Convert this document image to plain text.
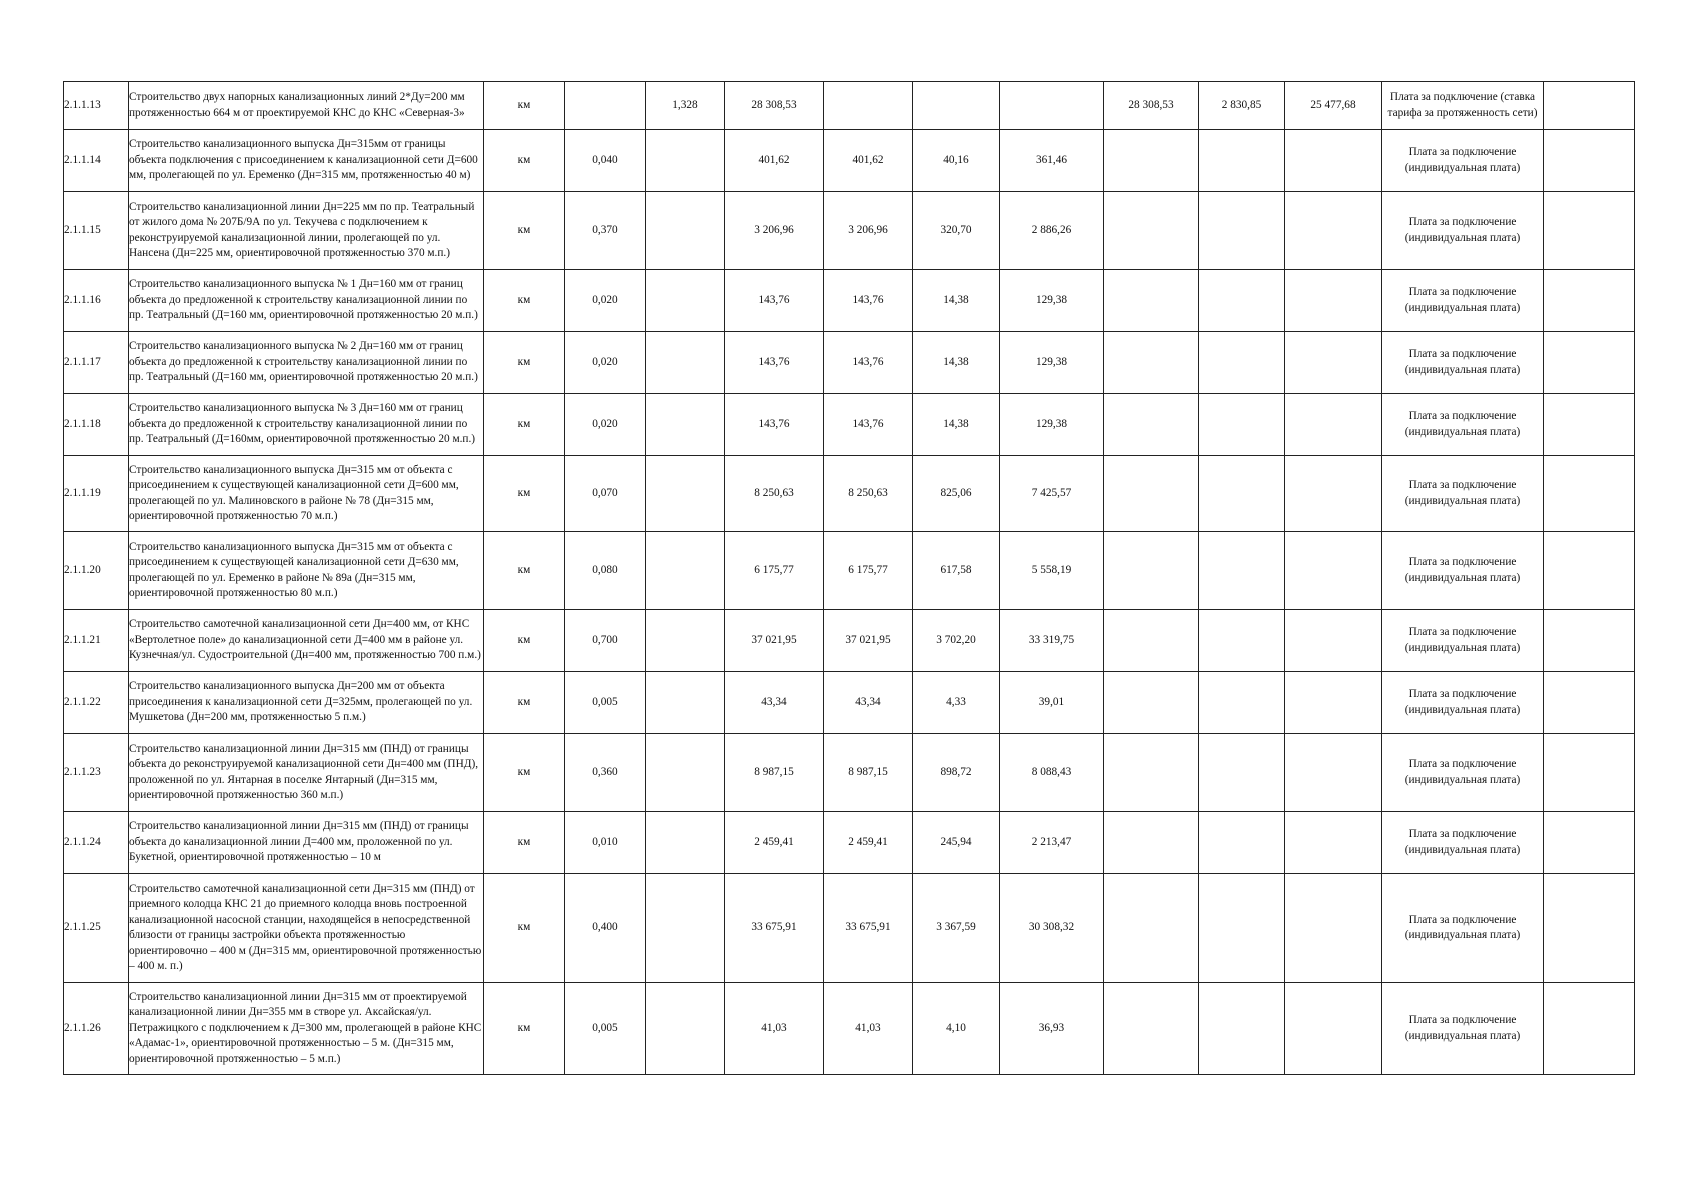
2.1.1.13	Строительство двух напорных канализационных линий 2*Ду=200 мм протяженностью 664 м от проектируемой КНС до КНС «Северная-3»	км		1,328	28 308,53				28 308,53	2 830,85	25 477,68	Плата за подключение (ставка тарифа за протяженность сети)	
2.1.1.14	Строительство канализационного выпуска Дн=315мм от границы объекта подключения с присоединением к канализационной сети Д=600 мм, пролегающей по ул. Еременко (Дн=315 мм, протяженностью 40 м)	км	0,040		401,62	401,62	40,16	361,46				Плата за подключение (индивидуальная плата)	
2.1.1.15	Строительство канализационной линии Дн=225 мм по пр. Театральный от жилого дома № 207Б/9А по ул. Текучева с подключением к реконструируемой канализационной линии, пролегающей по ул. Нансена (Дн=225 мм, ориентировочной протяженностью 370 м.п.)	км	0,370		3 206,96	3 206,96	320,70	2 886,26				Плата за подключение (индивидуальная плата)	
2.1.1.16	Строительство канализационного выпуска № 1 Дн=160 мм от границ объекта до предложенной к строительству канализационной линии по пр. Театральный (Д=160 мм, ориентировочной протяженностью 20 м.п.)	км	0,020		143,76	143,76	14,38	129,38				Плата за подключение (индивидуальная плата)	
2.1.1.17	Строительство канализационного выпуска № 2 Дн=160 мм от границ объекта до предложенной к строительству канализационной линии по пр. Театральный (Д=160 мм, ориентировочной протяженностью 20 м.п.)	км	0,020		143,76	143,76	14,38	129,38				Плата за подключение (индивидуальная плата)	
2.1.1.18	Строительство канализационного выпуска № 3 Дн=160 мм от границ объекта до предложенной к строительству канализационной линии по пр. Театральный (Д=160мм, ориентировочной протяженностью 20 м.п.)	км	0,020		143,76	143,76	14,38	129,38				Плата за подключение (индивидуальная плата)	
2.1.1.19	Строительство канализационного выпуска Дн=315 мм от объекта с присоединением к существующей канализационной сети Д=600 мм, пролегающей по ул. Малиновского в районе № 78 (Дн=315 мм, ориентировочной протяженностью 70 м.п.)	км	0,070		8 250,63	8 250,63	825,06	7 425,57				Плата за подключение (индивидуальная плата)	
2.1.1.20	Строительство канализационного выпуска Дн=315 мм от объекта с присоединением к существующей канализационной сети Д=630 мм, пролегающей по ул. Еременко в районе № 89а (Дн=315 мм, ориентировочной протяженностью 80 м.п.)	км	0,080		6 175,77	6 175,77	617,58	5 558,19				Плата за подключение (индивидуальная плата)	
2.1.1.21	Строительство самотечной канализационной сети Дн=400 мм, от КНС «Вертолетное поле» до канализационной сети Д=400 мм в районе ул. Кузнечная/ул. Судостроительной (Дн=400 мм, протяженностью 700 п.м.)	км	0,700		37 021,95	37 021,95	3 702,20	33 319,75				Плата за подключение (индивидуальная плата)	
2.1.1.22	Строительство канализационного выпуска Дн=200 мм от объекта присоединения к канализационной сети Д=325мм, пролегающей по ул. Мушкетова (Дн=200 мм, протяженностью 5 п.м.)	км	0,005		43,34	43,34	4,33	39,01				Плата за подключение (индивидуальная плата)	
2.1.1.23	Строительство канализационной линии Дн=315 мм (ПНД) от границы объекта до реконструируемой канализационной сети Дн=400 мм (ПНД), проложенной по ул. Янтарная в поселке Янтарный (Дн=315 мм, ориентировочной протяженностью 360 м.п.)	км	0,360		8 987,15	8 987,15	898,72	8 088,43				Плата за подключение (индивидуальная плата)	
2.1.1.24	Строительство канализационной линии Дн=315 мм (ПНД) от границы объекта до канализационной линии Д=400 мм, проложенной по ул. Букетной, ориентировочной протяженностью – 10 м	км	0,010		2 459,41	2 459,41	245,94	2 213,47				Плата за подключение (индивидуальная плата)	
2.1.1.25	Строительство самотечной канализационной сети Дн=315 мм (ПНД) от приемного колодца КНС 21 до приемного колодца вновь построенной канализационной насосной станции, находящейся в непосредственной близости от границы застройки объекта протяженностью ориентировочно – 400 м (Дн=315 мм, ориентировочной протяженностью – 400 м. п.)	км	0,400		33 675,91	33 675,91	3 367,59	30 308,32				Плата за подключение (индивидуальная плата)	
2.1.1.26	Строительство канализационной линии Дн=315 мм от проектируемой канализационной линии Дн=355 мм в створе ул. Аксайская/ул. Петражицкого с подключением к Д=300 мм, пролегающей в районе КНС «Адамас-1», ориентировочной протяженностью – 5 м. (Дн=315 мм, ориентировочной протяженностью – 5 м.п.)	км	0,005		41,03	41,03	4,10	36,93				Плата за подключение (индивидуальная плата)	
